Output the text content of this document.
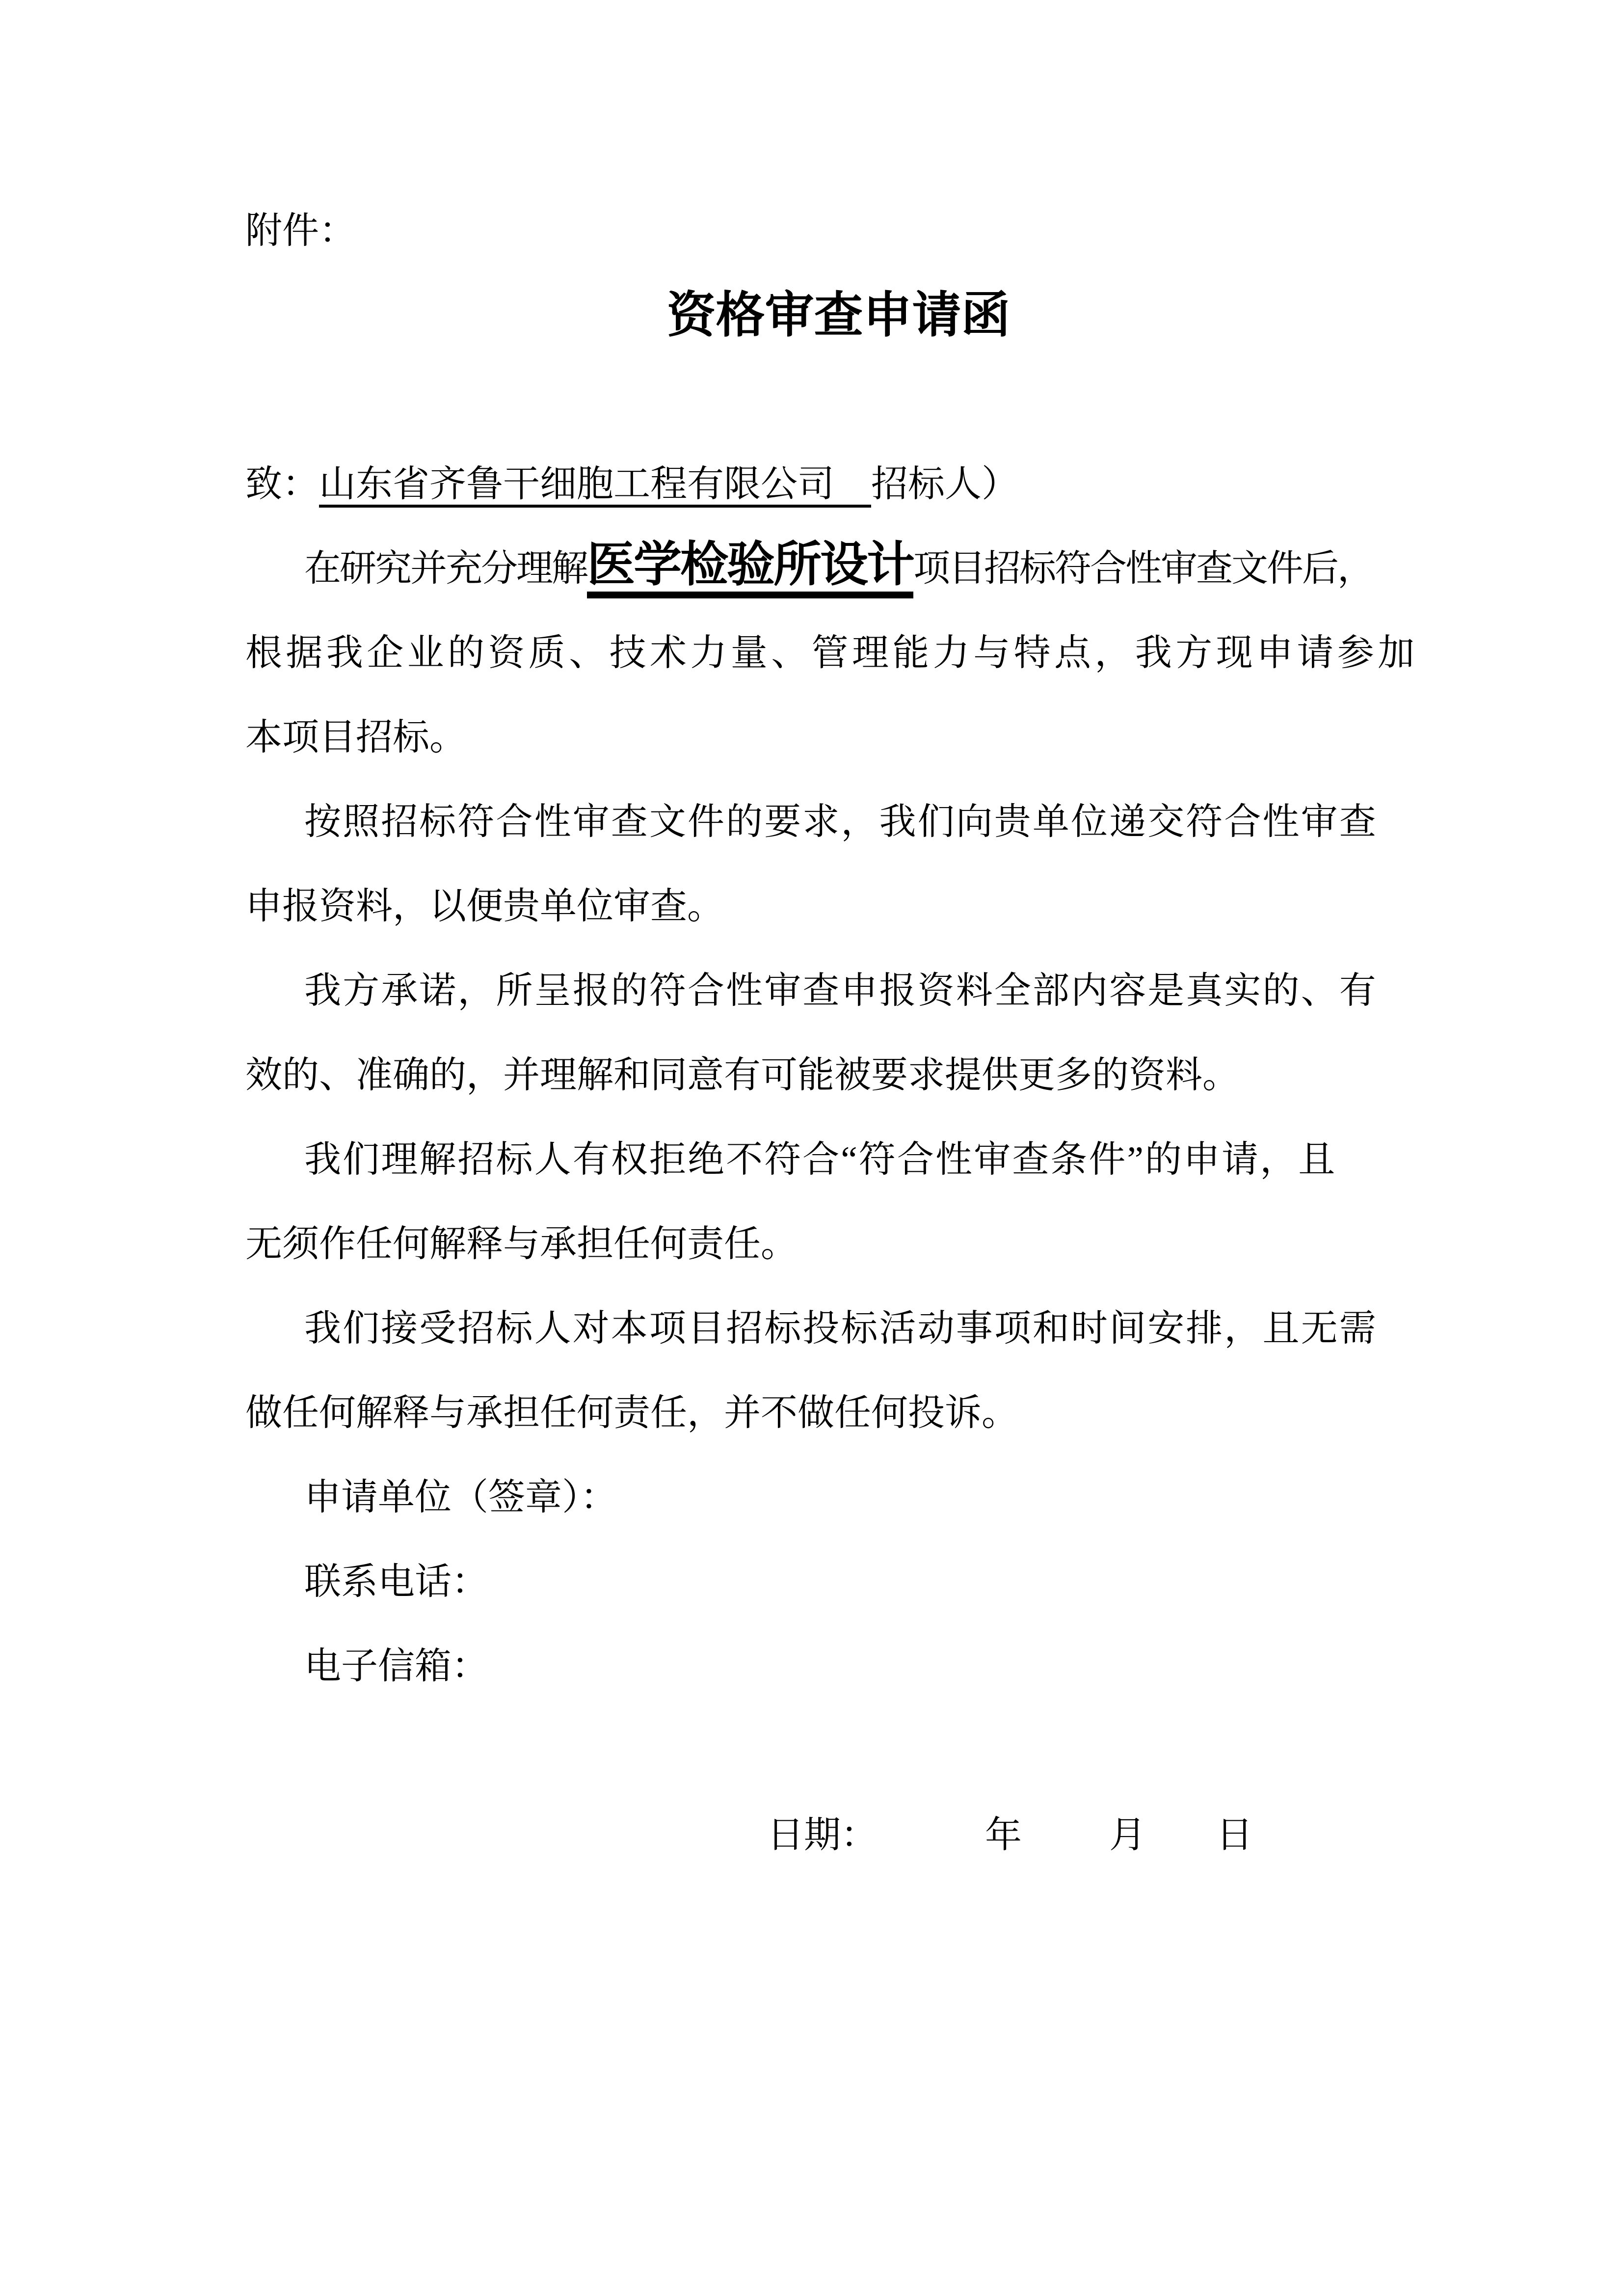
附件：
资格审查申请函
致：山东省齐鲁干细胞工程有限公司　招标人）
在研究并充分理解医学检验所设计项目招标符合性审查文件后，
根据我企业的资质、技术力量、管理能力与特点，我方现申请参加
本项目招标。
按照招标符合性审查文件的要求，我们向贵单位递交符合性审查
申报资料，以便贵单位审查。
我方承诺，所呈报的符合性审查申报资料全部内容是真实的、有
效的、准确的，并理解和同意有可能被要求提供更多的资料。
我们理解招标人有权拒绝不符合“符合性审查条件”的申请，且
无须作任何解释与承担任何责任。
我们接受招标人对本项目招标投标活动事项和时间安排，且无需
做任何解释与承担任何责任，并不做任何投诉。
申请单位（签章）：
联系电话：
电子信箱：
日期：	年 月 日
